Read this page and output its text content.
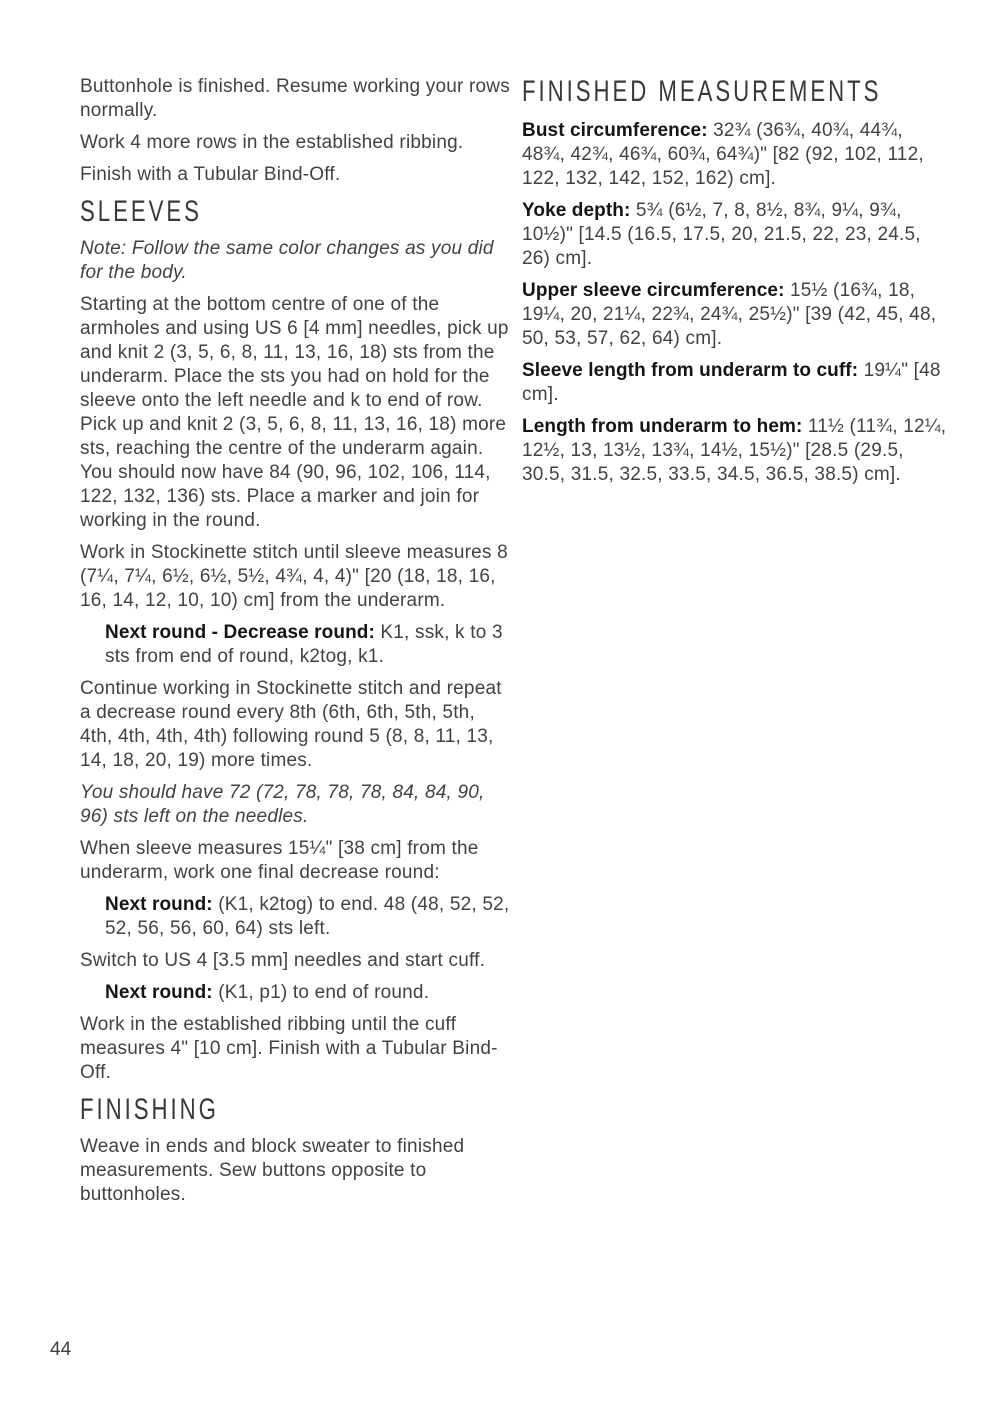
Buttonhole is finished. Resume working your rows normally.

Work 4 more rows in the established ribbing.

Finish with a Tubular Bind-Off.

SLEEVES

Note: Follow the same color changes as you did for the body.

Starting at the bottom centre of one of the armholes and using US 6 [4 mm] needles, pick up and knit 2 (3, 5, 6, 8, 11, 13, 16, 18) sts from the underarm. Place the sts you had on hold for the sleeve onto the left needle and k to end of row. Pick up and knit 2 (3, 5, 6, 8, 11, 13, 16, 18) more sts, reaching the centre of the underarm again. You should now have 84 (90, 96, 102, 106, 114, 122, 132, 136) sts. Place a marker and join for working in the round.

Work in Stockinette stitch until sleeve measures 8 (7¼, 7¼, 6½, 6½, 5½, 4¾, 4, 4)" [20 (18, 18, 16, 16, 14, 12, 10, 10) cm] from the underarm.

Next round - Decrease round: K1, ssk, k to 3 sts from end of round, k2tog, k1.

Continue working in Stockinette stitch and repeat a decrease round every 8th (6th, 6th, 5th, 5th, 4th, 4th, 4th, 4th) following round 5 (8, 8, 11, 13, 14, 18, 20, 19) more times.

You should have 72 (72, 78, 78, 78, 84, 84, 90, 96) sts left on the needles.

When sleeve measures 15¼" [38 cm] from the underarm, work one final decrease round:

Next round: (K1, k2tog) to end. 48 (48, 52, 52, 52, 56, 56, 60, 64) sts left.

Switch to US 4 [3.5 mm] needles and start cuff.

Next round: (K1, p1) to end of round.

Work in the established ribbing until the cuff measures 4" [10 cm]. Finish with a Tubular Bind-Off.

FINISHING

Weave in ends and block sweater to finished measurements. Sew buttons opposite to buttonholes.

FINISHED MEASUREMENTS

Bust circumference: 32¾ (36¾, 40¾, 44¾, 48¾, 42¾, 46¾, 60¾, 64¾)" [82 (92, 102, 112, 122, 132, 142, 152, 162) cm].

Yoke depth: 5¾ (6½, 7, 8, 8½, 8¾, 9¼, 9¾, 10½)" [14.5 (16.5, 17.5, 20, 21.5, 22, 23, 24.5, 26) cm].

Upper sleeve circumference: 15½ (16¾, 18, 19¼, 20, 21¼, 22¾, 24¾, 25½)" [39 (42, 45, 48, 50, 53, 57, 62, 64) cm].

Sleeve length from underarm to cuff: 19¼" [48 cm].

Length from underarm to hem: 11½ (11¾, 12¼, 12½, 13, 13½, 13¾, 14½, 15½)" [28.5 (29.5, 30.5, 31.5, 32.5, 33.5, 34.5, 36.5, 38.5) cm].

44
